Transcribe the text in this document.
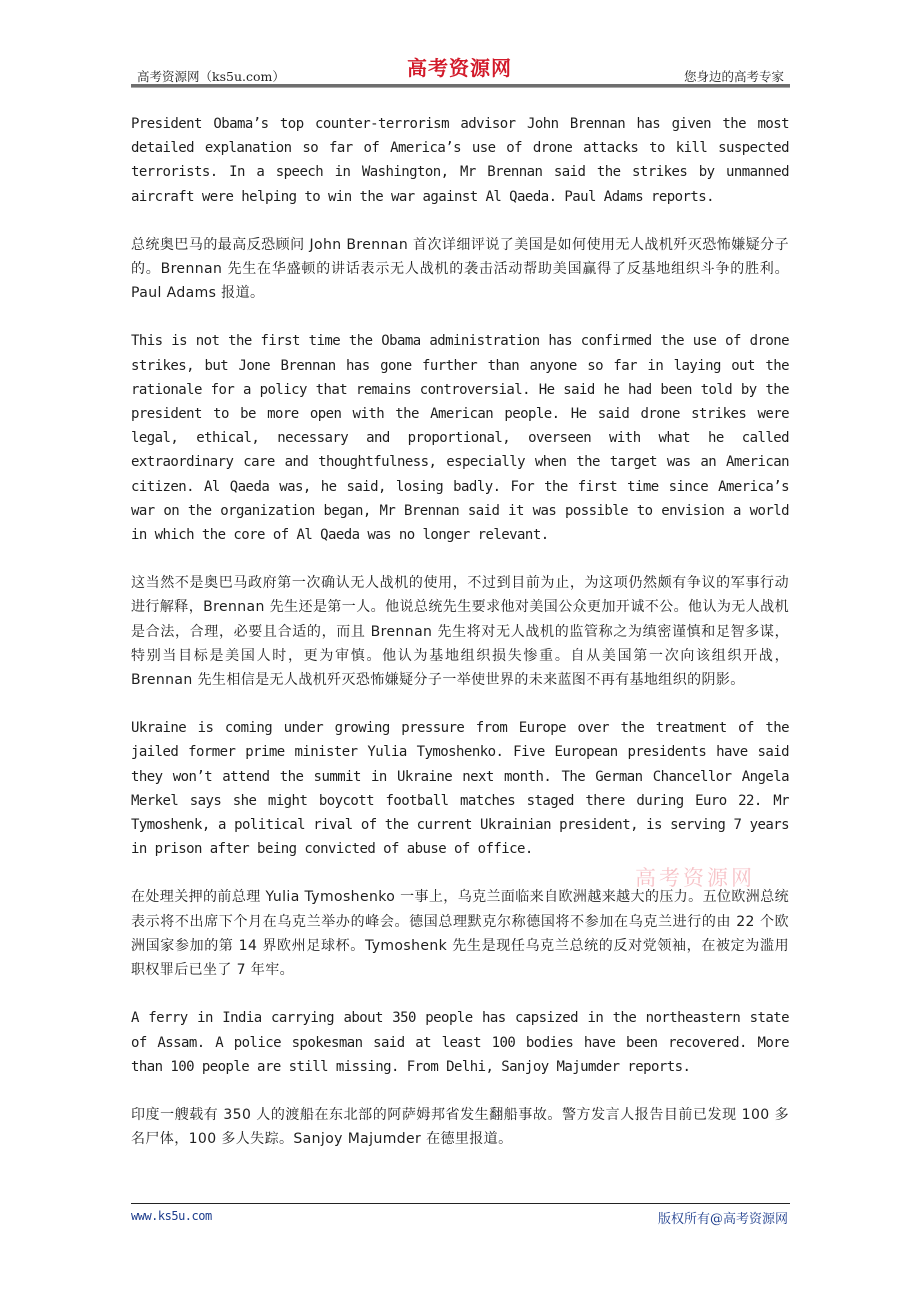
高考资源网（ks5u.com）	高考资源网	您身边的高考专家

President Obama’s top counter-terrorism advisor John Brennan has given the most detailed explanation so far of America’s use of drone attacks to kill suspected terrorists. In a speech in Washington, Mr Brennan said the strikes by unmanned aircraft were helping to win the war against Al Qaeda. Paul Adams reports.

总统奥巴马的最高反恐顾问 John Brennan 首次详细评说了美国是如何使用无人战机歼灭恐怖嫌疑分子的。Brennan 先生在华盛顿的讲话表示无人战机的袭击活动帮助美国赢得了反基地组织斗争的胜利。Paul Adams 报道。

This is not the first time the Obama administration has confirmed the use of drone strikes, but Jone Brennan has gone further than anyone so far in laying out the rationale for a policy that remains controversial. He said he had been told by the president to be more open with the American people. He said drone strikes were legal, ethical, necessary and proportional, overseen with what he called extraordinary care and thoughtfulness, especially when the target was an American citizen. Al Qaeda was, he said, losing badly. For the first time since America’s war on the organization began, Mr Brennan said it was possible to envision a world in which the core of Al Qaeda was no longer relevant.

这当然不是奥巴马政府第一次确认无人战机的使用，不过到目前为止，为这项仍然颇有争议的军事行动进行解释，Brennan 先生还是第一人。他说总统先生要求他对美国公众更加开诚不公。他认为无人战机是合法，合理，必要且合适的，而且 Brennan 先生将对无人战机的监管称之为缜密谨慎和足智多谋，特别当目标是美国人时，更为审慎。他认为基地组织损失惨重。自从美国第一次向该组织开战，Brennan 先生相信是无人战机歼灭恐怖嫌疑分子一举使世界的未来蓝图不再有基地组织的阴影。

Ukraine is coming under growing pressure from Europe over the treatment of the jailed former prime minister Yulia Tymoshenko. Five European presidents have said they won’t attend the summit in Ukraine next month. The German Chancellor Angela Merkel says she might boycott football matches staged there during Euro 22. Mr Tymoshenk, a political rival of the current Ukrainian president, is serving 7 years in prison after being convicted of abuse of office.

在处理关押的前总理 Yulia Tymoshenko 一事上，乌克兰面临来自欧洲越来越大的压力。五位欧洲总统表示将不出席下个月在乌克兰举办的峰会。德国总理默克尔称德国将不参加在乌克兰进行的由 22 个欧洲国家参加的第 14 界欧州足球杯。Tymoshenk 先生是现任乌克兰总统的反对党领袖，在被定为滥用职权罪后已坐了 7 年牢。

A ferry in India carrying about 350 people has capsized in the northeastern state of Assam. A police spokesman said at least 100 bodies have been recovered. More than 100 people are still missing. From Delhi, Sanjoy Majumder reports.

印度一艘载有 350 人的渡船在东北部的阿萨姆邦省发生翻船事故。警方发言人报告目前已发现 100 多名尸体，100 多人失踪。Sanjoy Majumder 在德里报道。

高考资源网
www.ks5u.com	版权所有@高考资源网
